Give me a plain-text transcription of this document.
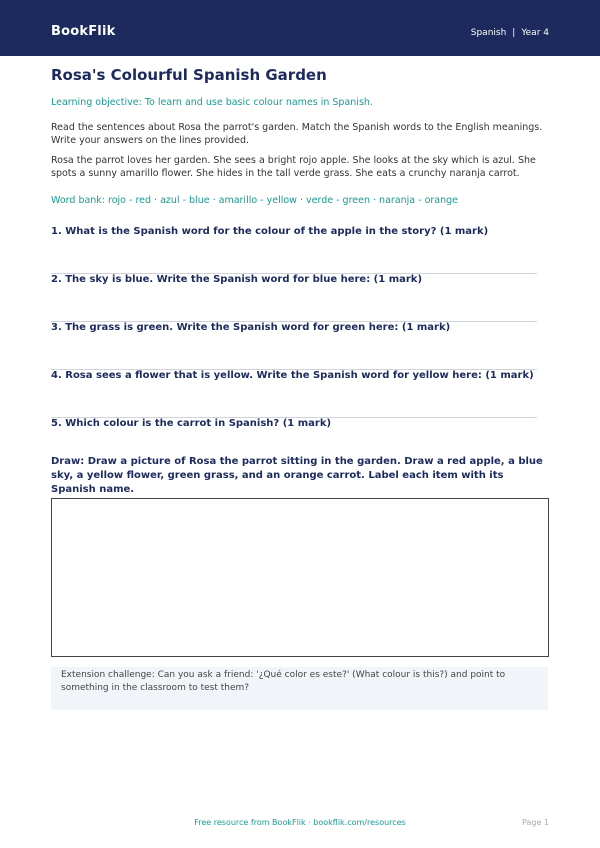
BookFlik	Spanish | Year 4
Rosa's Colourful Spanish Garden
Learning objective: To learn and use basic colour names in Spanish.
Read the sentences about Rosa the parrot's garden. Match the Spanish words to the English meanings. Write your answers on the lines provided.
Rosa the parrot loves her garden. She sees a bright rojo apple. She looks at the sky which is azul. She spots a sunny amarillo flower. She hides in the tall verde grass. She eats a crunchy naranja carrot.
Word bank: rojo - red · azul - blue · amarillo - yellow · verde - green · naranja - orange
1. What is the Spanish word for the colour of the apple in the story? (1 mark)
2. The sky is blue. Write the Spanish word for blue here: (1 mark)
3. The grass is green. Write the Spanish word for green here: (1 mark)
4. Rosa sees a flower that is yellow. Write the Spanish word for yellow here: (1 mark)
5. Which colour is the carrot in Spanish? (1 mark)
Draw: Draw a picture of Rosa the parrot sitting in the garden. Draw a red apple, a blue sky, a yellow flower, green grass, and an orange carrot. Label each item with its Spanish name.
Extension challenge: Can you ask a friend: '¿Qué color es este?' (What colour is this?) and point to something in the classroom to test them?
Free resource from BookFlik · bookflik.com/resources	Page 1
